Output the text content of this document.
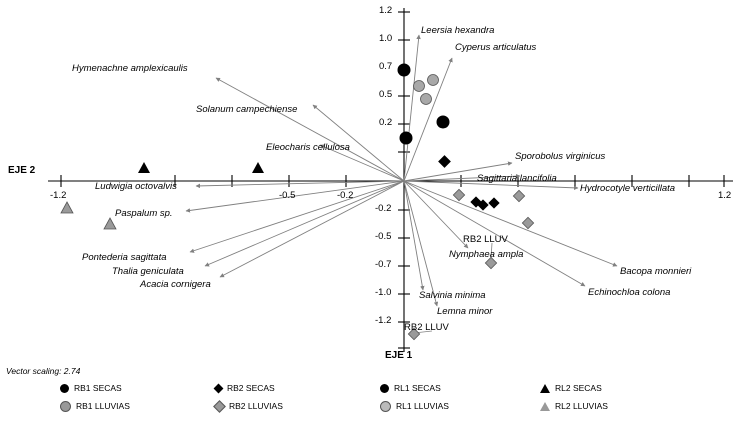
EJE 2
EJE 1
-1.2	-0.5	-0.2	1.2
1.2
1.0
0.7
0.5
0.2
-0.2
-0.5
-0.7
-1.0
-1.2
Leersia hexandra
Cyperus articulatus
Hymenachne amplexicaulis
Solanum campechiense
Eleocharis cellulosa
Sporobolus virginicus
Sagittaria lancifolia
Hydrocotyle verticillata
Ludwigia octovalvis
Paspalum sp.
Pontederia sagittata
Thalia geniculata
Acacia cornigera
Salvinia minima
Lemna minor
Nymphaea ampla
Bacopa monnieri
Echinochloa colona
RB2 LLUV
RB2 LLUV
Vector scaling: 2.74
RB1 SECAS	RB2 SECAS	RL1 SECAS	RL2 SECAS
RB1 LLUVIAS	RB2 LLUVIAS	RL1 LLUVIAS	RL2 LLUVIAS
